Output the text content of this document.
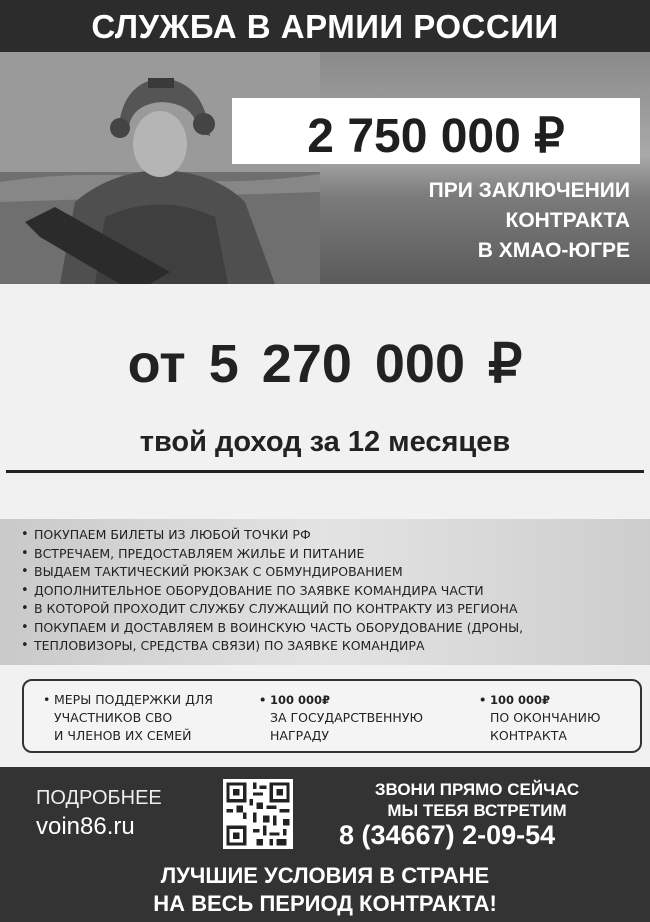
СЛУЖБА В АРМИИ РОССИИ
2 750 000 ₽
ПРИ ЗАКЛЮЧЕНИИ
КОНТРАКТА
В ХМАО-ЮГРЕ
от 5 270 000 ₽
твой доход за 12 месяцев
• ПОКУПАЕМ БИЛЕТЫ ИЗ ЛЮБОЙ ТОЧКИ РФ
• ВСТРЕЧАЕМ, ПРЕДОСТАВЛЯЕМ ЖИЛЬЕ И ПИТАНИЕ
• ВЫДАЕМ ТАКТИЧЕСКИЙ РЮКЗАК С ОБМУНДИРОВАНИЕМ
• ДОПОЛНИТЕЛЬНОЕ ОБОРУДОВАНИЕ ПО ЗАЯВКЕ КОМАНДИРА ЧАСТИ
• В КОТОРОЙ ПРОХОДИТ СЛУЖБУ СЛУЖАЩИЙ ПО КОНТРАКТУ ИЗ РЕГИОНА
• ПОКУПАЕМ И ДОСТАВЛЯЕМ В ВОИНСКУЮ ЧАСТЬ ОБОРУДОВАНИЕ (ДРОНЫ,
• ТЕПЛОВИЗОРЫ, СРЕДСТВА СВЯЗИ) ПО ЗАЯВКЕ КОМАНДИРА
• МЕРЫ ПОДДЕРЖКИ ДЛЯ
УЧАСТНИКОВ СВО
И ЧЛЕНОВ ИХ СЕМЕЙ
• 100 000₽
ЗА ГОСУДАРСТВЕННУЮ
НАГРАДУ
• 100 000₽
ПО ОКОНЧАНИЮ
КОНТРАКТА
ПОДРОБНЕЕ
voin86.ru
ЗВОНИ ПРЯМО СЕЙЧАС
МЫ ТЕБЯ ВСТРЕТИМ
8 (34667) 2-09-54
ЛУЧШИЕ УСЛОВИЯ В СТРАНЕ
НА ВЕСЬ ПЕРИОД КОНТРАКТА!
